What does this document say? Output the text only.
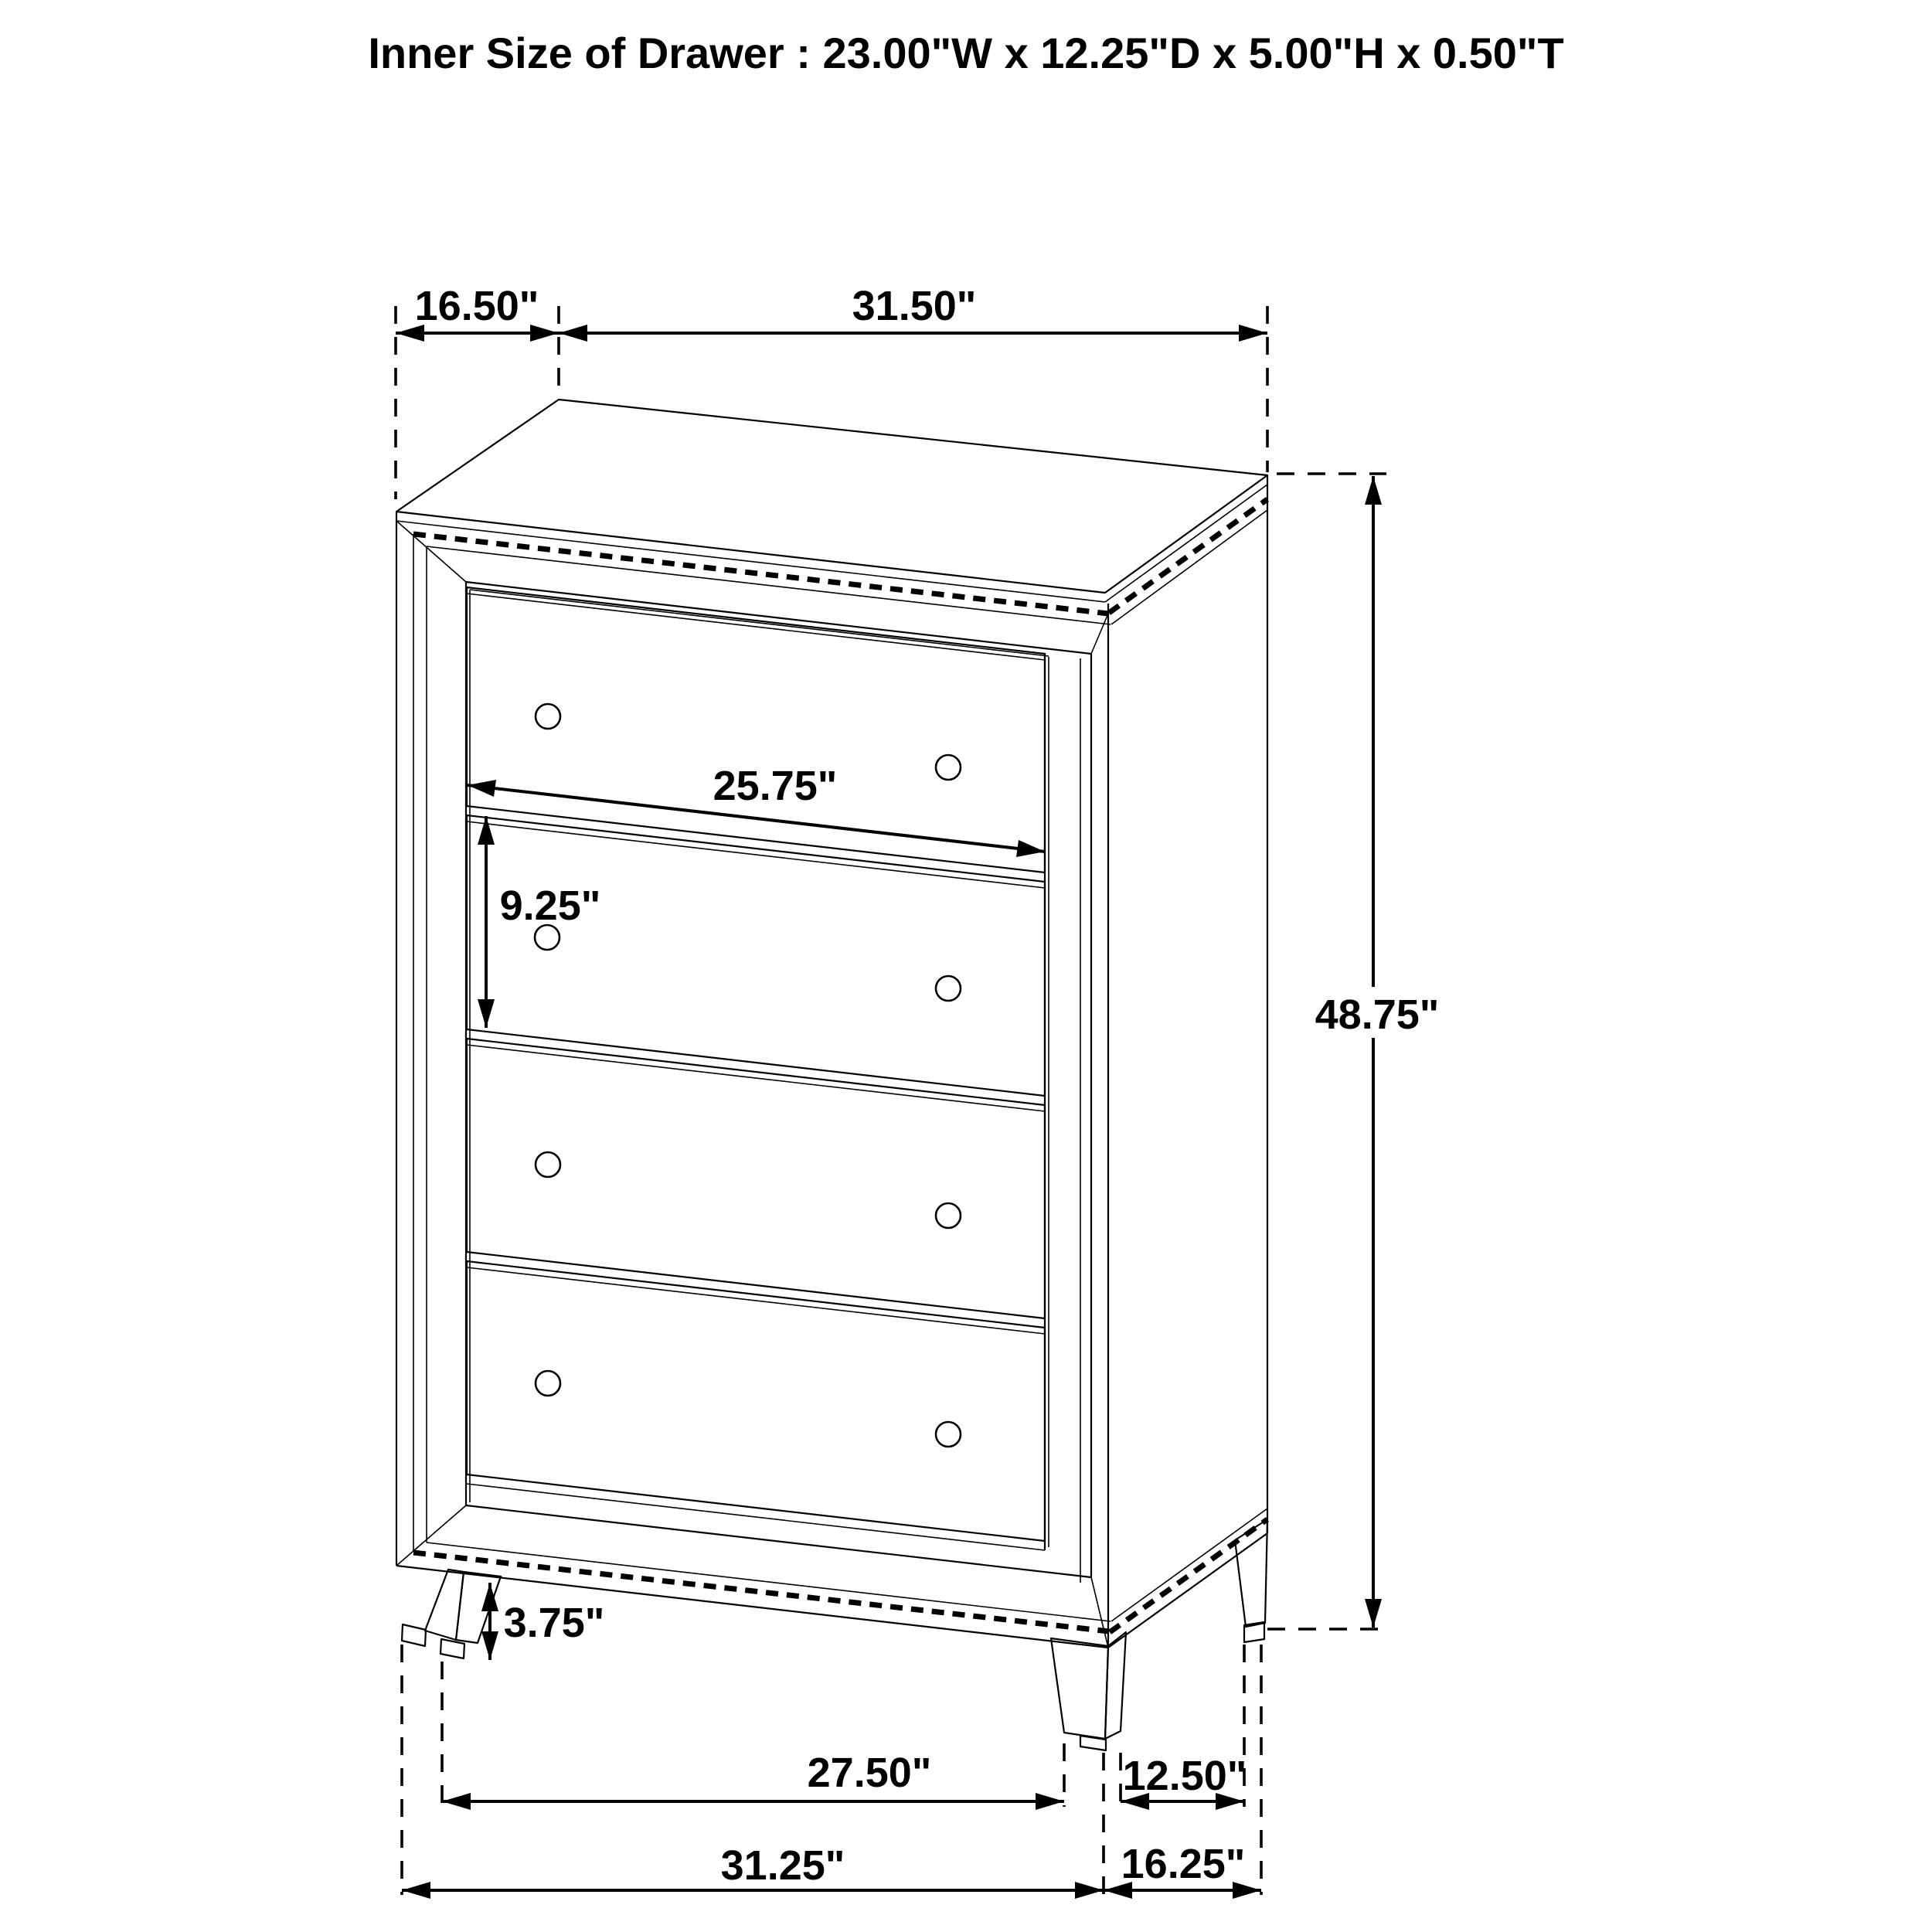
Inner Size of Drawer : 23.00"W x 12.25"D x 5.00"H x 0.50"T
16.50"	31.50"
48.75"
25.75"
9.25"
3.75"
27.50"	12.50"
31.25"	16.25"
